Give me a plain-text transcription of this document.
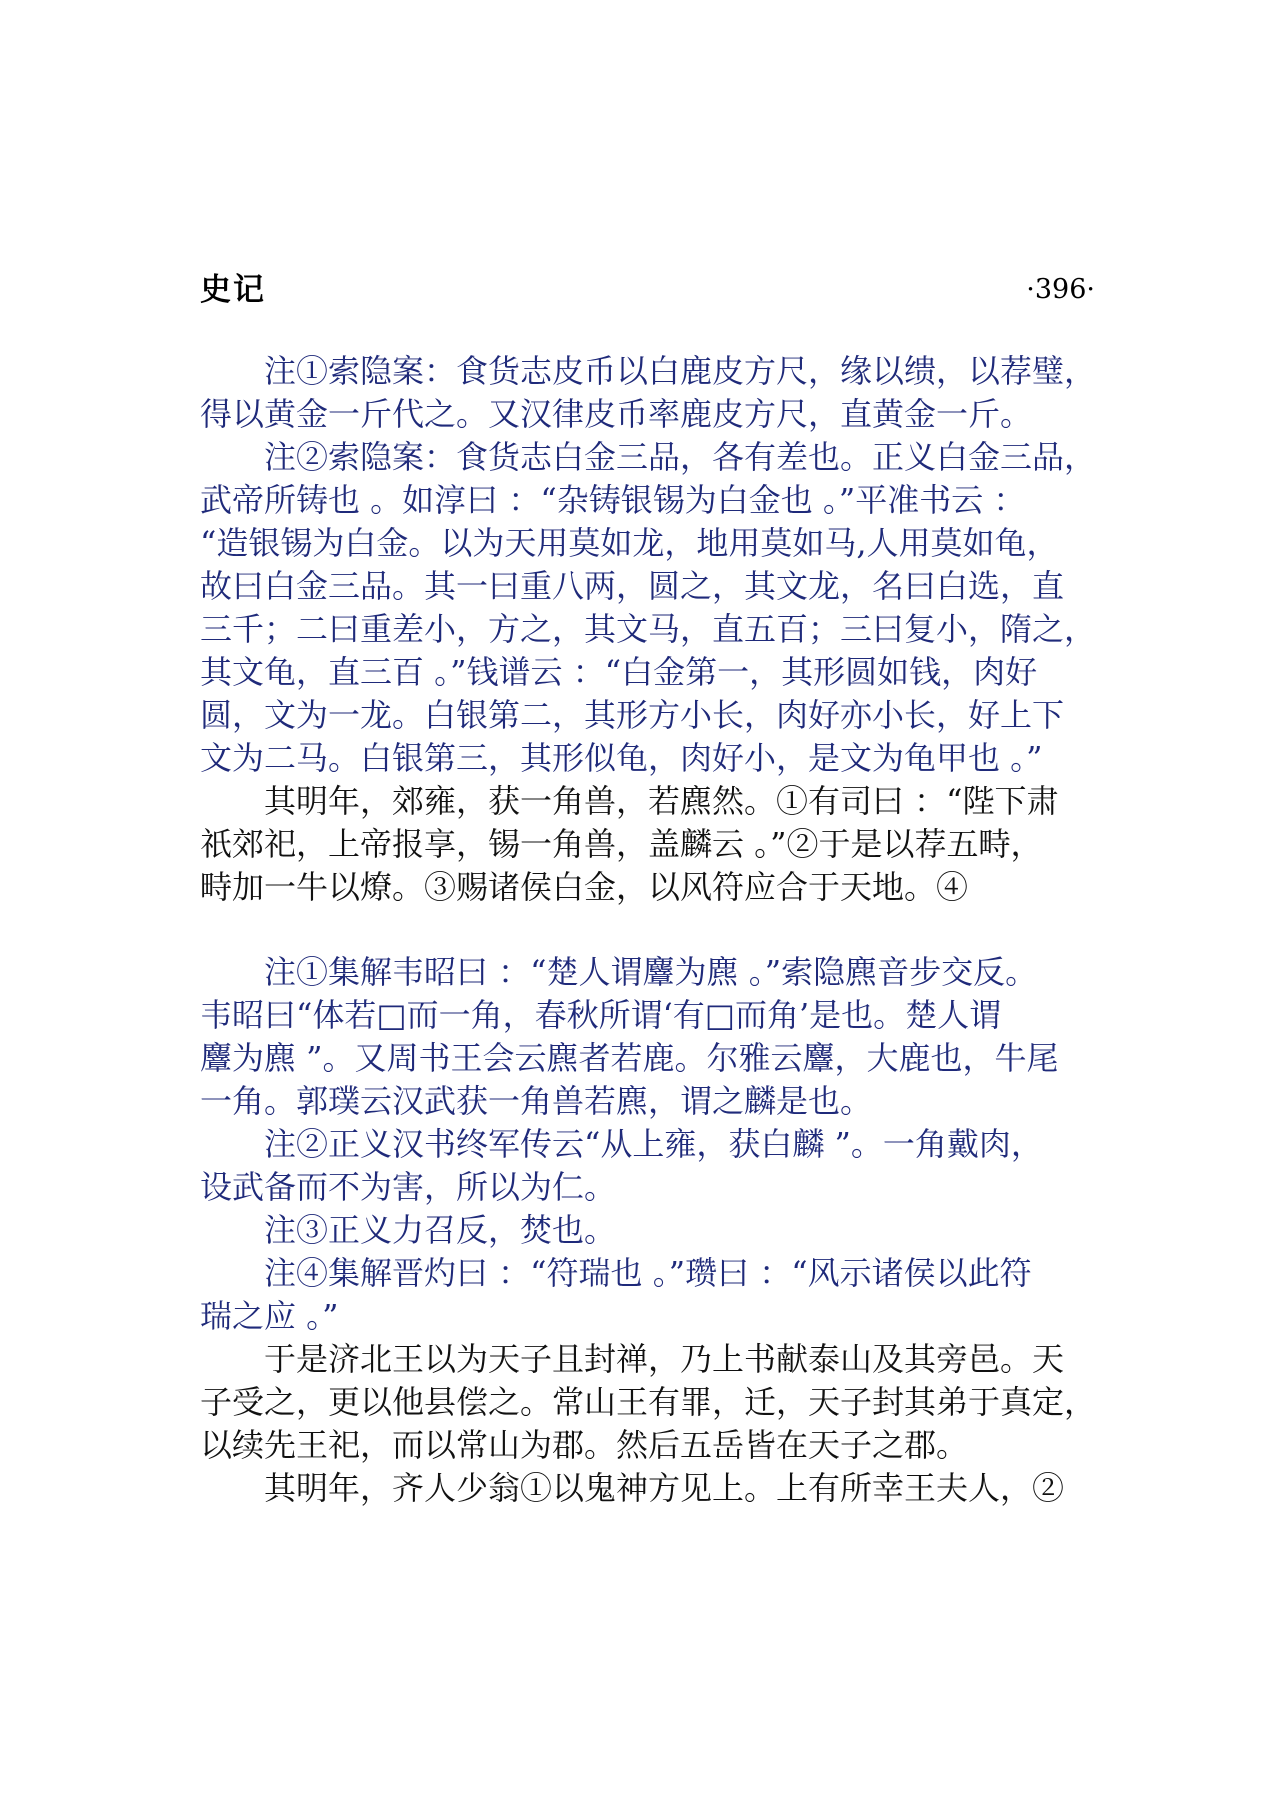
史记	·396·

注①索隐案：食货志皮币以白鹿皮方尺，缘以缋，以荐璧，
得以黄金一斤代之。又汉律皮币率鹿皮方尺，直黄金一斤。

注②索隐案：食货志白金三品，各有差也。正义白金三品，
武帝所铸也 。如淳曰 ：“杂铸银锡为白金也 。”平准书云 ：
“造银锡为白金。以为天用莫如龙，地用莫如马,人用莫如龟，
故曰白金三品。其一曰重八两，圆之，其文龙，名曰白选，直
三千；二曰重差小，方之，其文马，直五百；三曰复小，隋之，
其文龟，直三百 。”钱谱云 ：“白金第一，其形圆如钱，肉好
圆，文为一龙。白银第二，其形方小长，肉好亦小长，好上下
文为二马。白银第三，其形似龟，肉好小，是文为龟甲也 。”

其明年，郊雍，获一角兽，若麃然。①有司曰 ：“陛下肃
祇郊祀，上帝报享，锡一角兽，盖麟云 。”②于是以荐五畤，
畤加一牛以燎。③赐诸侯白金，以风符应合于天地。④

注①集解韦昭曰 ：“楚人谓麞为麃 。”索隐麃音步交反。
韦昭曰“体若□而一角，春秋所谓‘有□而角’是也。楚人谓
麞为麃 ”。又周书王会云麃者若鹿。尔雅云麞，大鹿也，牛尾
一角。郭璞云汉武获一角兽若麃，谓之麟是也。

注②正义汉书终军传云“从上雍，获白麟 ”。一角戴肉，
设武备而不为害，所以为仁。

注③正义力召反，焚也。

注④集解晋灼曰 ：“符瑞也 。”瓒曰 ：“风示诸侯以此符
瑞之应 。”

于是济北王以为天子且封禅，乃上书献泰山及其旁邑。天
子受之，更以他县偿之。常山王有罪，迁，天子封其弟于真定，
以续先王祀，而以常山为郡。然后五岳皆在天子之郡。

其明年，齐人少翁①以鬼神方见上。上有所幸王夫人，②
